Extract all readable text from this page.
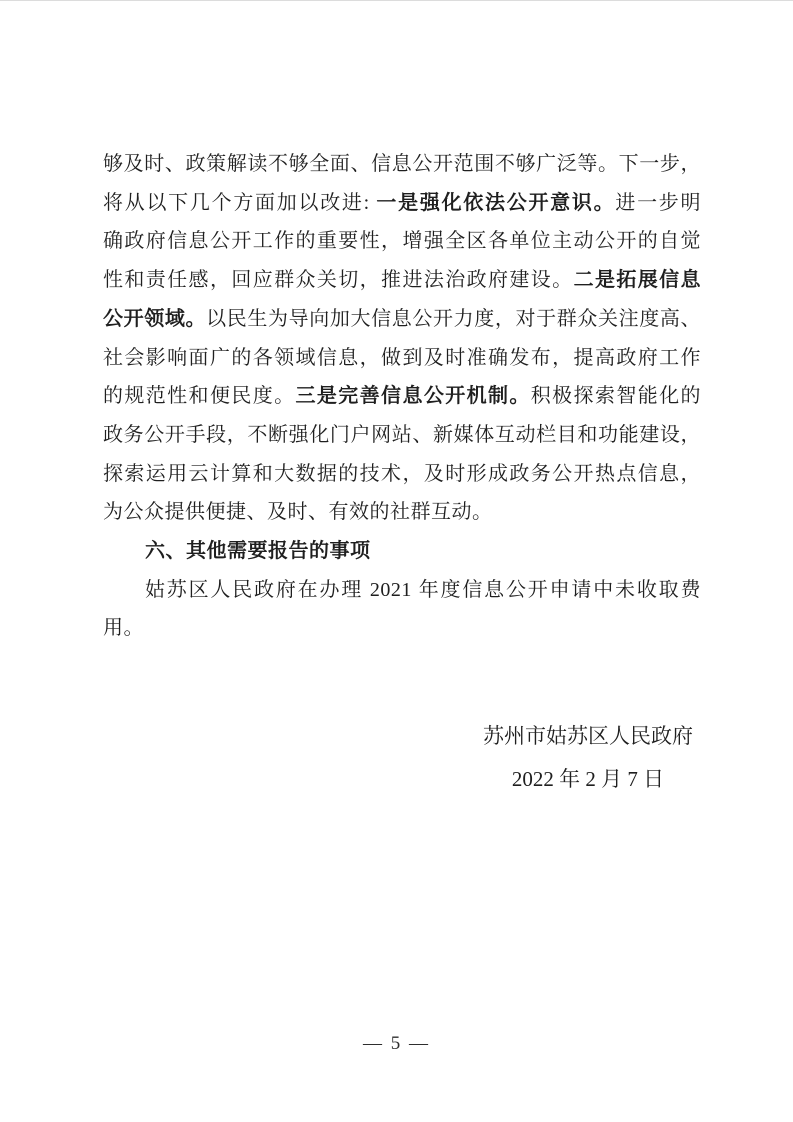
够及时、政策解读不够全面、信息公开范围不够广泛等。下一步，
将从以下几个方面加以改进: 一是强化依法公开意识。进一步明
确政府信息公开工作的重要性，增强全区各单位主动公开的自觉
性和责任感，回应群众关切，推进法治政府建设。二是拓展信息
公开领域。以民生为导向加大信息公开力度，对于群众关注度高、
社会影响面广的各领域信息，做到及时准确发布，提高政府工作
的规范性和便民度。三是完善信息公开机制。积极探索智能化的
政务公开手段，不断强化门户网站、新媒体互动栏目和功能建设，
探索运用云计算和大数据的技术，及时形成政务公开热点信息，
为公众提供便捷、及时、有效的社群互动。
六、其他需要报告的事项
姑苏区人民政府在办理 2021 年度信息公开申请中未收取费
用。
苏州市姑苏区人民政府
2022 年 2 月 7 日
— 5 —
